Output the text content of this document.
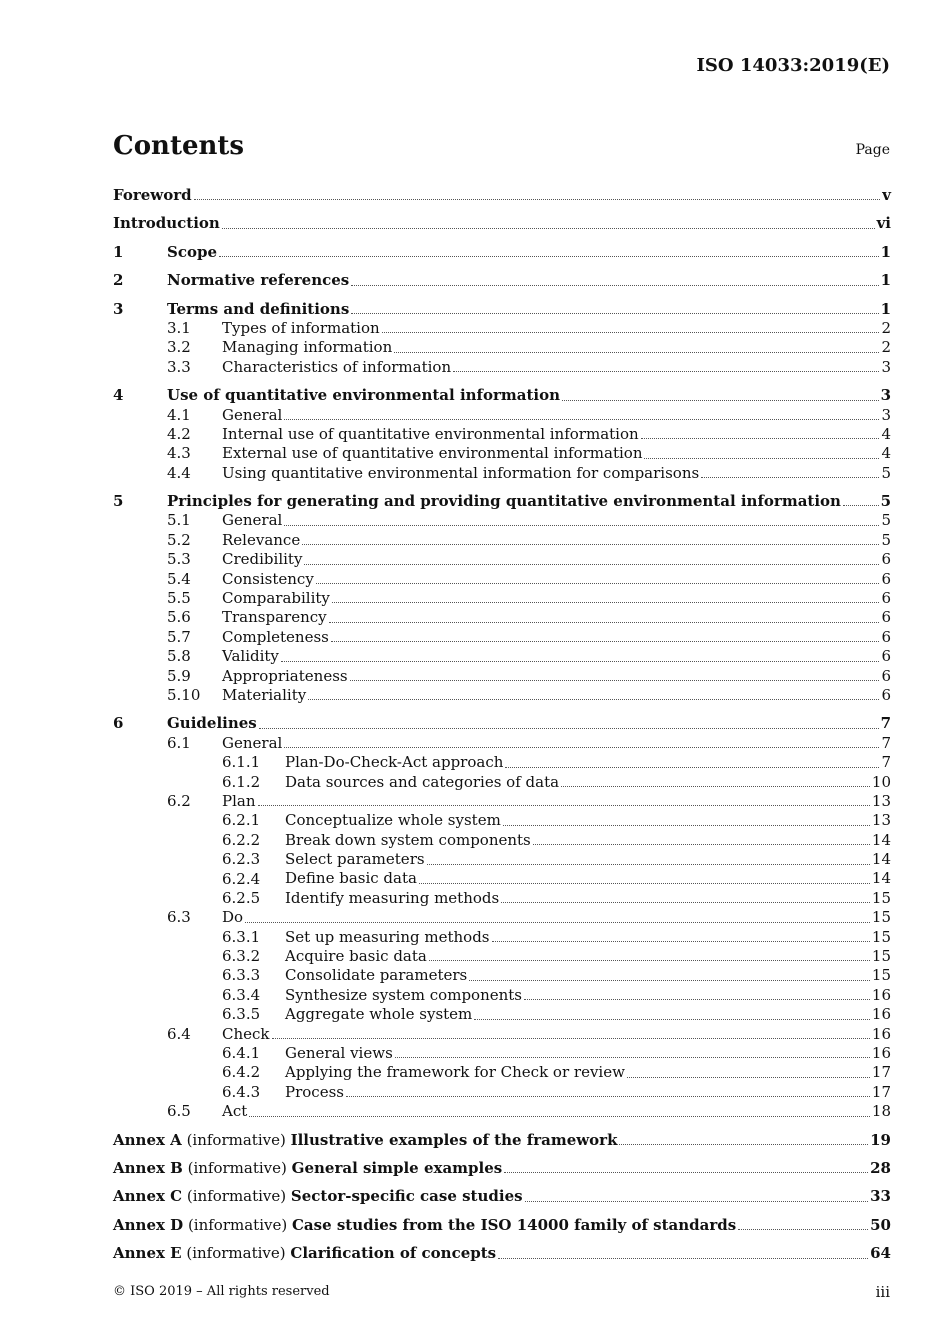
ISO 14033:2019(E)
Contents	Page
Foreword	v
Introduction	vi
1	Scope	1
2	Normative references	1
3	Terms and definitions	1
3.1 Types of information	2
3.2 Managing information	2
3.3 Characteristics of information	3
4	Use of quantitative environmental information	3
4.1 General	3
4.2 Internal use of quantitative environmental information	4
4.3 External use of quantitative environmental information	4
4.4 Using quantitative environmental information for comparisons	5
5	Principles for generating and providing quantitative environmental information	5
5.1 General	5
5.2 Relevance	5
5.3 Credibility	6
5.4 Consistency	6
5.5 Comparability	6
5.6 Transparency	6
5.7 Completeness	6
5.8 Validity	6
5.9 Appropriateness	6
5.10 Materiality	6
6	Guidelines	7
6.1 General	7
6.1.1 Plan-Do-Check-Act approach	7
6.1.2 Data sources and categories of data	10
6.2 Plan	13
6.2.1 Conceptualize whole system	13
6.2.2 Break down system components	14
6.2.3 Select parameters	14
6.2.4 Define basic data	14
6.2.5 Identify measuring methods	15
6.3 Do	15
6.3.1 Set up measuring methods	15
6.3.2 Acquire basic data	15
6.3.3 Consolidate parameters	15
6.3.4 Synthesize system components	16
6.3.5 Aggregate whole system	16
6.4 Check	16
6.4.1 General views	16
6.4.2 Applying the framework for Check or review	17
6.4.3 Process	17
6.5 Act	18
Annex A (informative) Illustrative examples of the framework	19
Annex B (informative) General simple examples	28
Annex C (informative) Sector-specific case studies	33
Annex D (informative) Case studies from the ISO 14000 family of standards	50
Annex E (informative) Clarification of concepts	64
© ISO 2019 – All rights reserved	iii
